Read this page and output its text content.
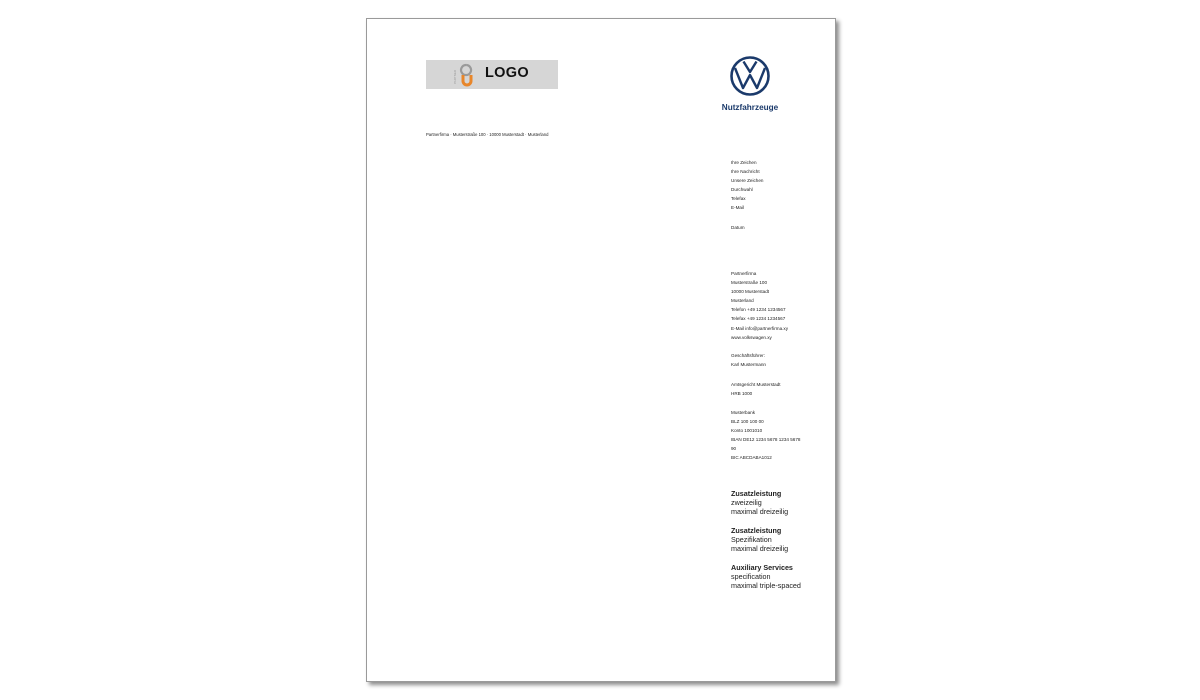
PARTNER LOGO
Nutzfahrzeuge
Partnerfirma · Musterstraße 100 · 10000 Musterstadt · Musterland
Ihre Zeichen
Ihre Nachricht
Unsere Zeichen
Durchwahl
Telefax
E-Mail
Datum
Partnerfirma
Musterstraße 100
10000 Musterstadt
Musterland
Telefon +49 1234 1234567
Telefax +49 1234 1234567
E-Mail info@partnerfirma.xy
www.volkswagen.xy
Geschäftsführer:
Karl Mustermann
Amtsgericht Musterstadt
HRB 1000
Musterbank
BLZ 100 100 00
Konto 1001010
IBAN DE12 1234 5678 1234 5678
90
BIC ABCDABA1012
Zusatzleistung
zweizeilig
maximal dreizeilig
Zusatzleistung
Spezifikation
maximal dreizeilig
Auxiliary Services
specification
maximal triple-spaced
